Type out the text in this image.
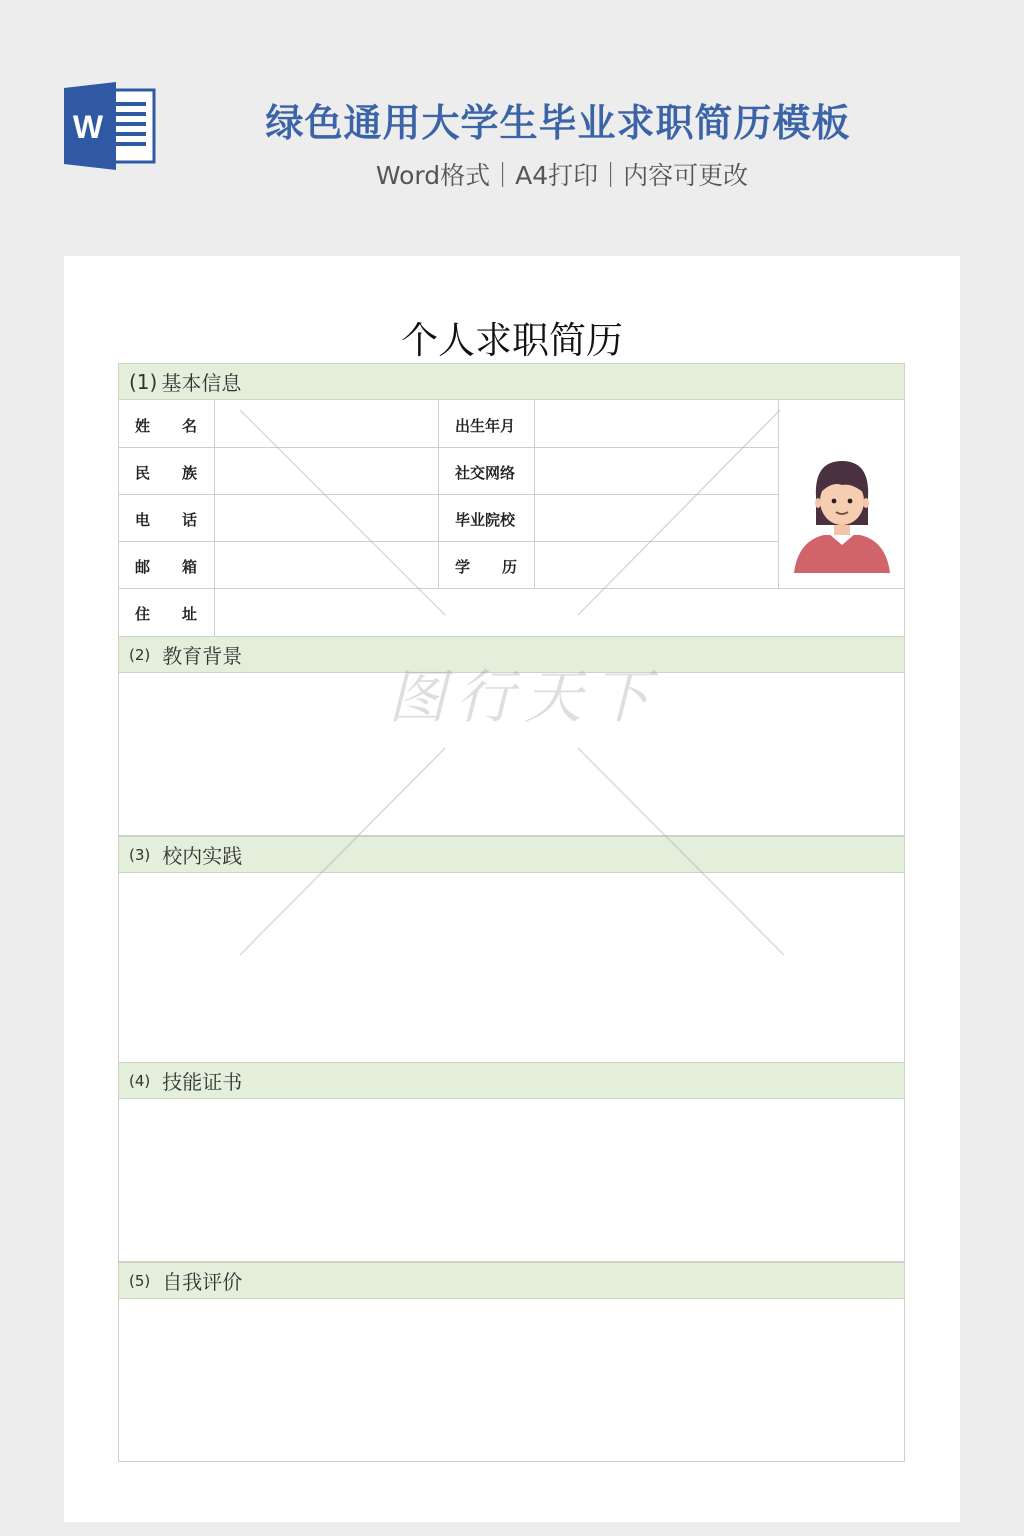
W	绿色通用大学生毕业求职简历模板
Word格式｜A4打印｜内容可更改
个人求职简历
(1) 基本信息
姓 名
民 族
电 话
邮 箱
住 址
出生年月
社交网络
毕业院校
学 历
(2) 教育背景
(3) 校内实践
(4) 技能证书
(5) 自我评价
图行天下
